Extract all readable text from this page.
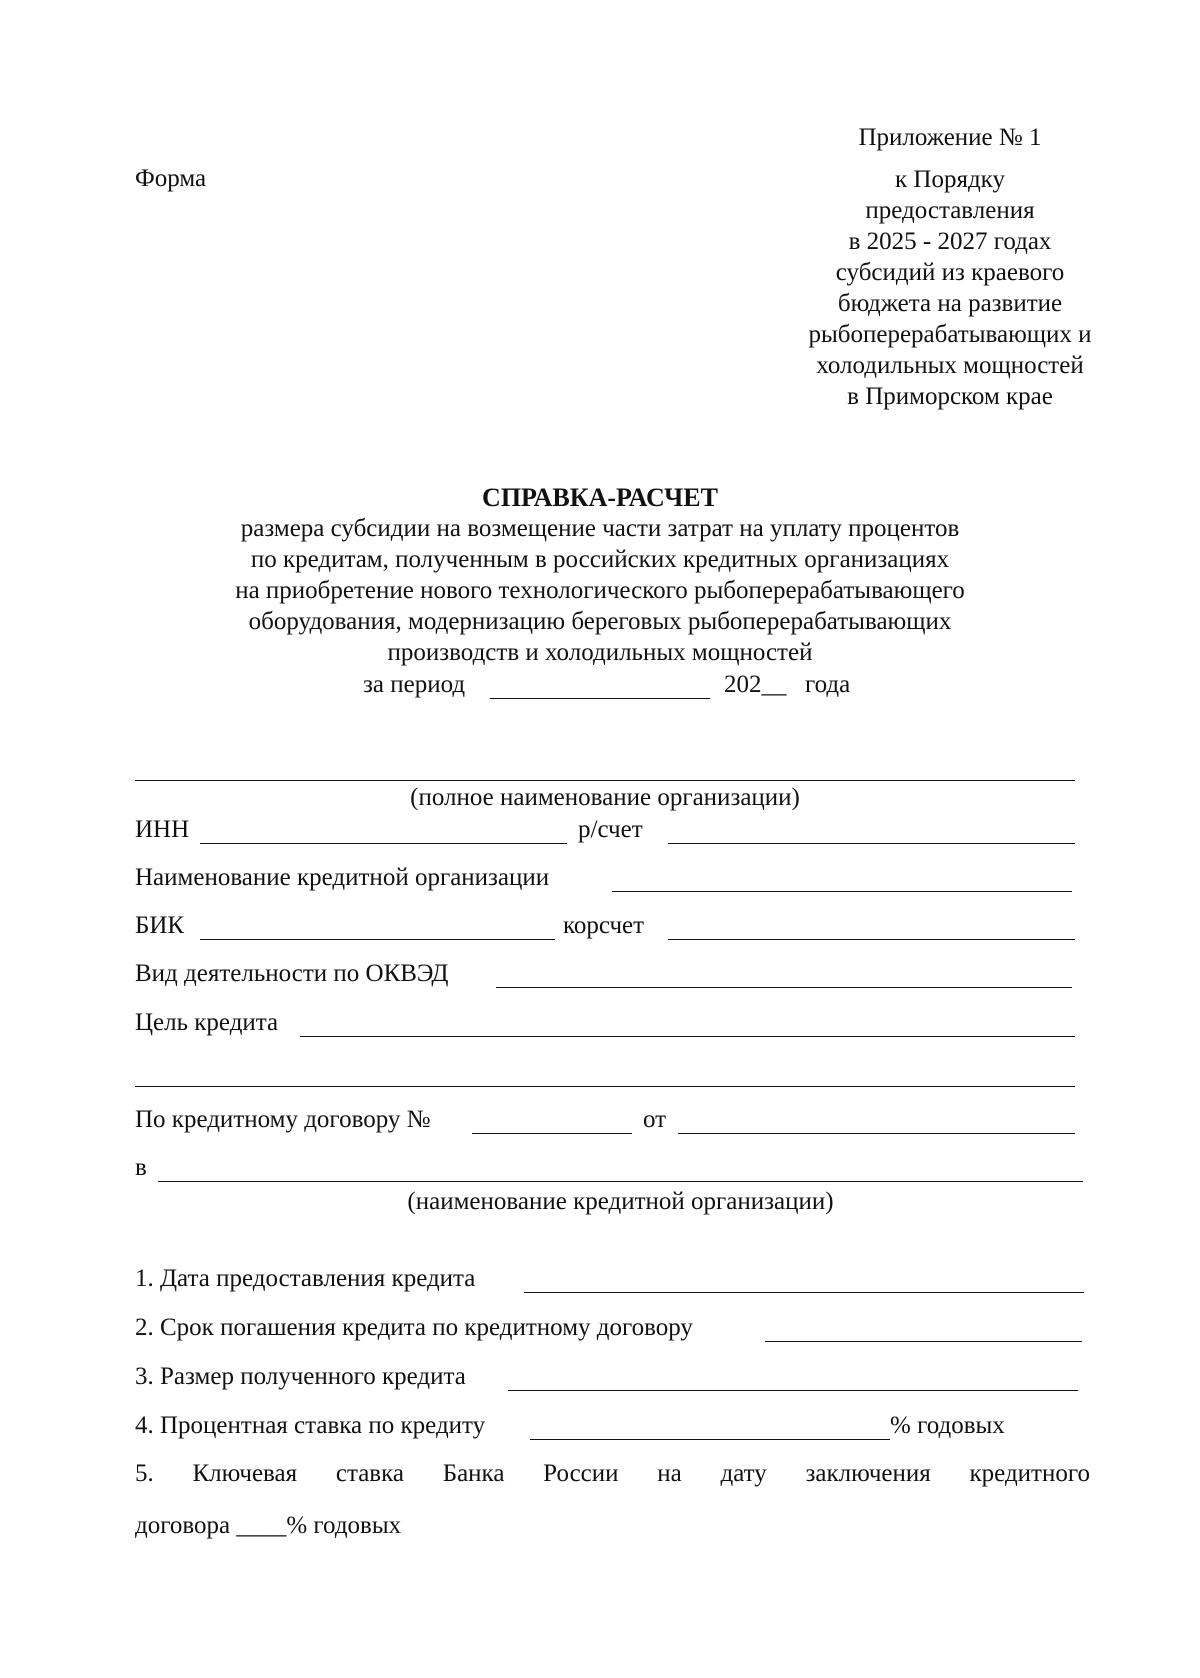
Приложение № 1
Форма	к Порядку
предоставления
в 2025 - 2027 годах
субсидий из краевого
бюджета на развитие
рыбоперерабатывающих и
холодильных мощностей
в Приморском крае
СПРАВКА-РАСЧЕТ
размера субсидии на возмещение части затрат на уплату процентов
по кредитам, полученным в российских кредитных организациях
на приобретение нового технологического рыбоперерабатывающего
оборудования, модернизацию береговых рыбоперерабатывающих
производств и холодильных мощностей
за период	202__ года
(полное наименование организации)
ИНН	р/счет
Наименование кредитной организации
БИК	корсчет
Вид деятельности по ОКВЭД
Цель кредита
По кредитному договору №	от
в
(наименование кредитной организации)
1. Дата предоставления кредита
2. Срок погашения кредита по кредитному договору
3. Размер полученного кредита
4. Процентная ставка по кредиту	% годовых
5. Ключевая ставка Банка России на дату заключения кредитного
договора ____% годовых
